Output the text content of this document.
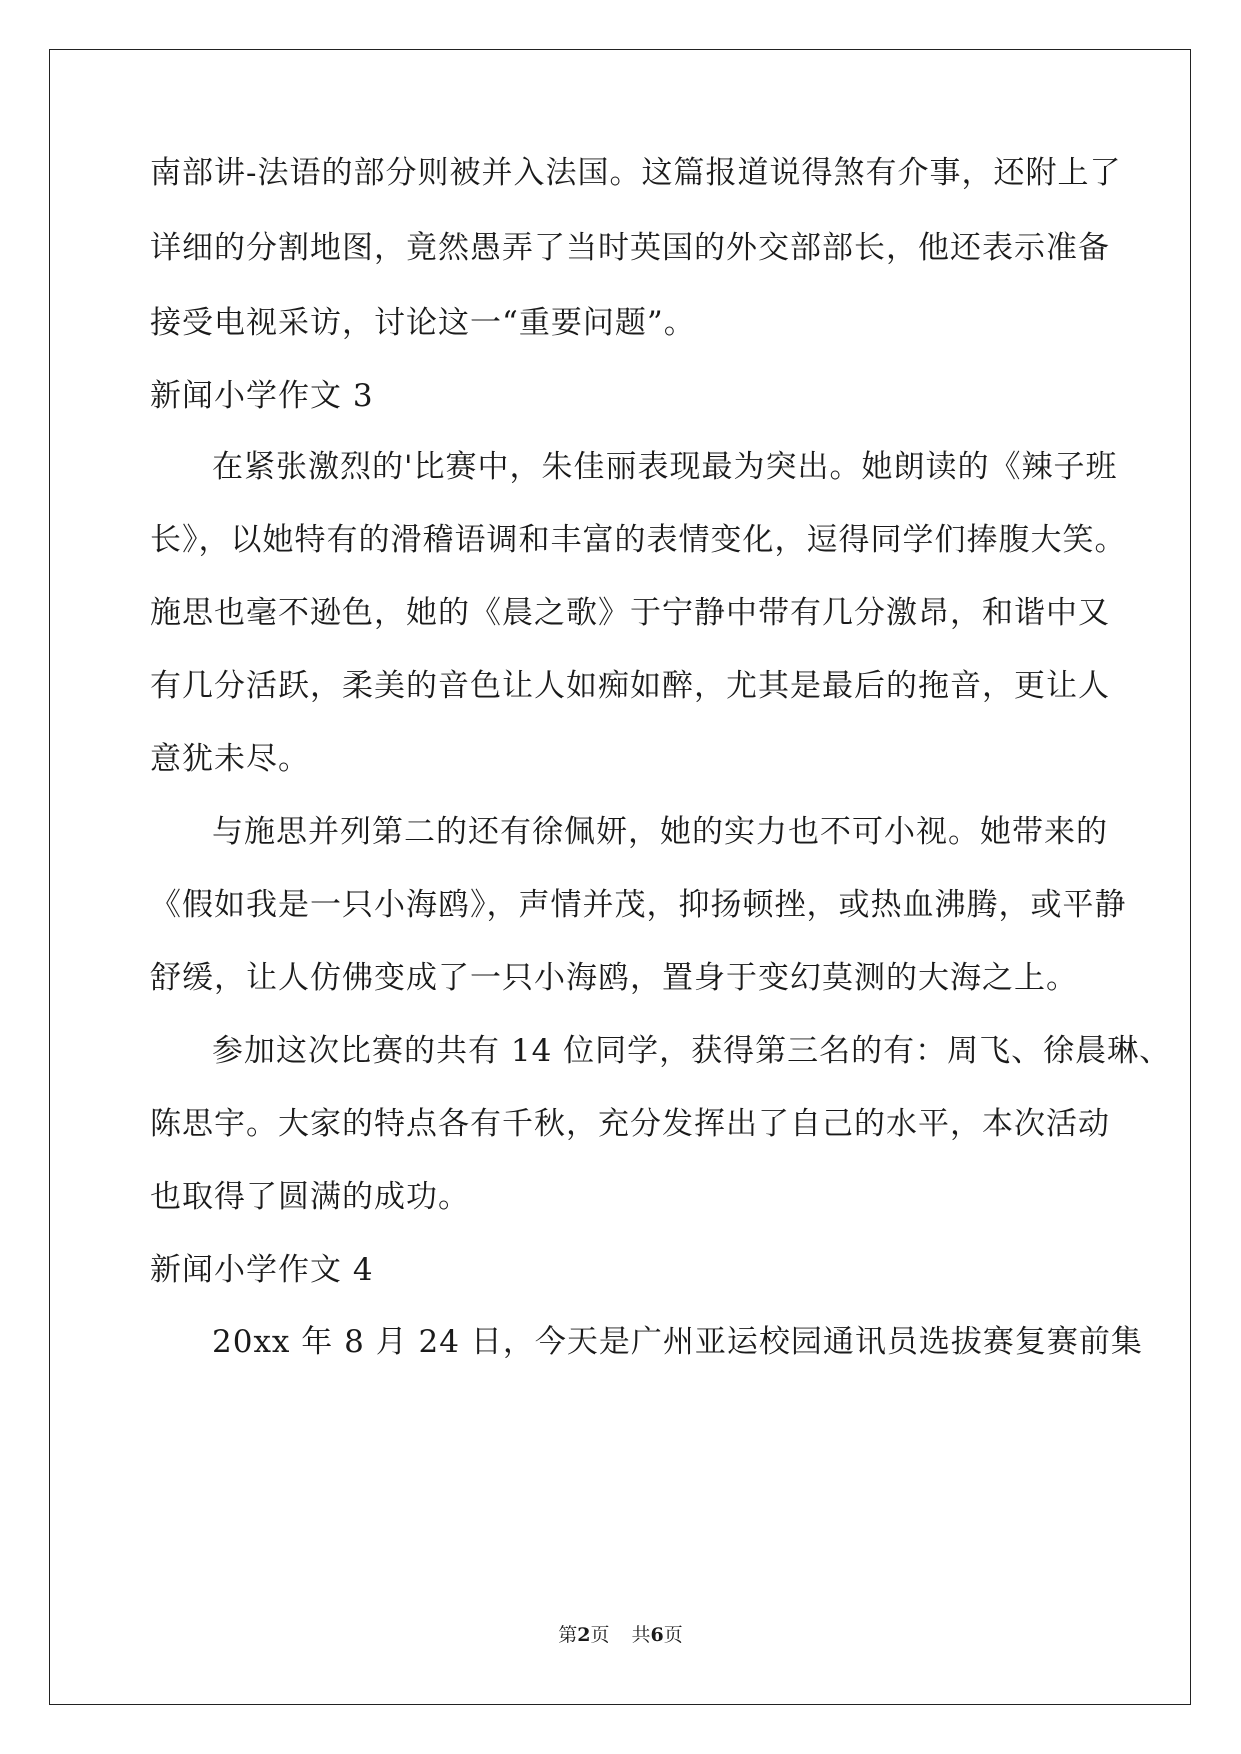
南部讲-法语的部分则被并入法国。这篇报道说得煞有介事，还附上了
详细的分割地图，竟然愚弄了当时英国的外交部部长，他还表示准备
接受电视采访，讨论这一“重要问题”。
新闻小学作文 3
在紧张激烈的'比赛中，朱佳丽表现最为突出。她朗读的《辣子班
长》，以她特有的滑稽语调和丰富的表情变化，逗得同学们捧腹大笑。
施思也毫不逊色，她的《晨之歌》于宁静中带有几分激昂，和谐中又
有几分活跃，柔美的音色让人如痴如醉，尤其是最后的拖音，更让人
意犹未尽。
与施思并列第二的还有徐佩妍，她的实力也不可小视。她带来的
《假如我是一只小海鸥》，声情并茂，抑扬顿挫，或热血沸腾，或平静
舒缓，让人仿佛变成了一只小海鸥，置身于变幻莫测的大海之上。
参加这次比赛的共有 14 位同学，获得第三名的有：周飞、徐晨琳、
陈思宇。大家的特点各有千秋，充分发挥出了自己的水平，本次活动
也取得了圆满的成功。
新闻小学作文 4
20xx 年 8 月 24 日，今天是广州亚运校园通讯员选拔赛复赛前集
第2页 共6页
